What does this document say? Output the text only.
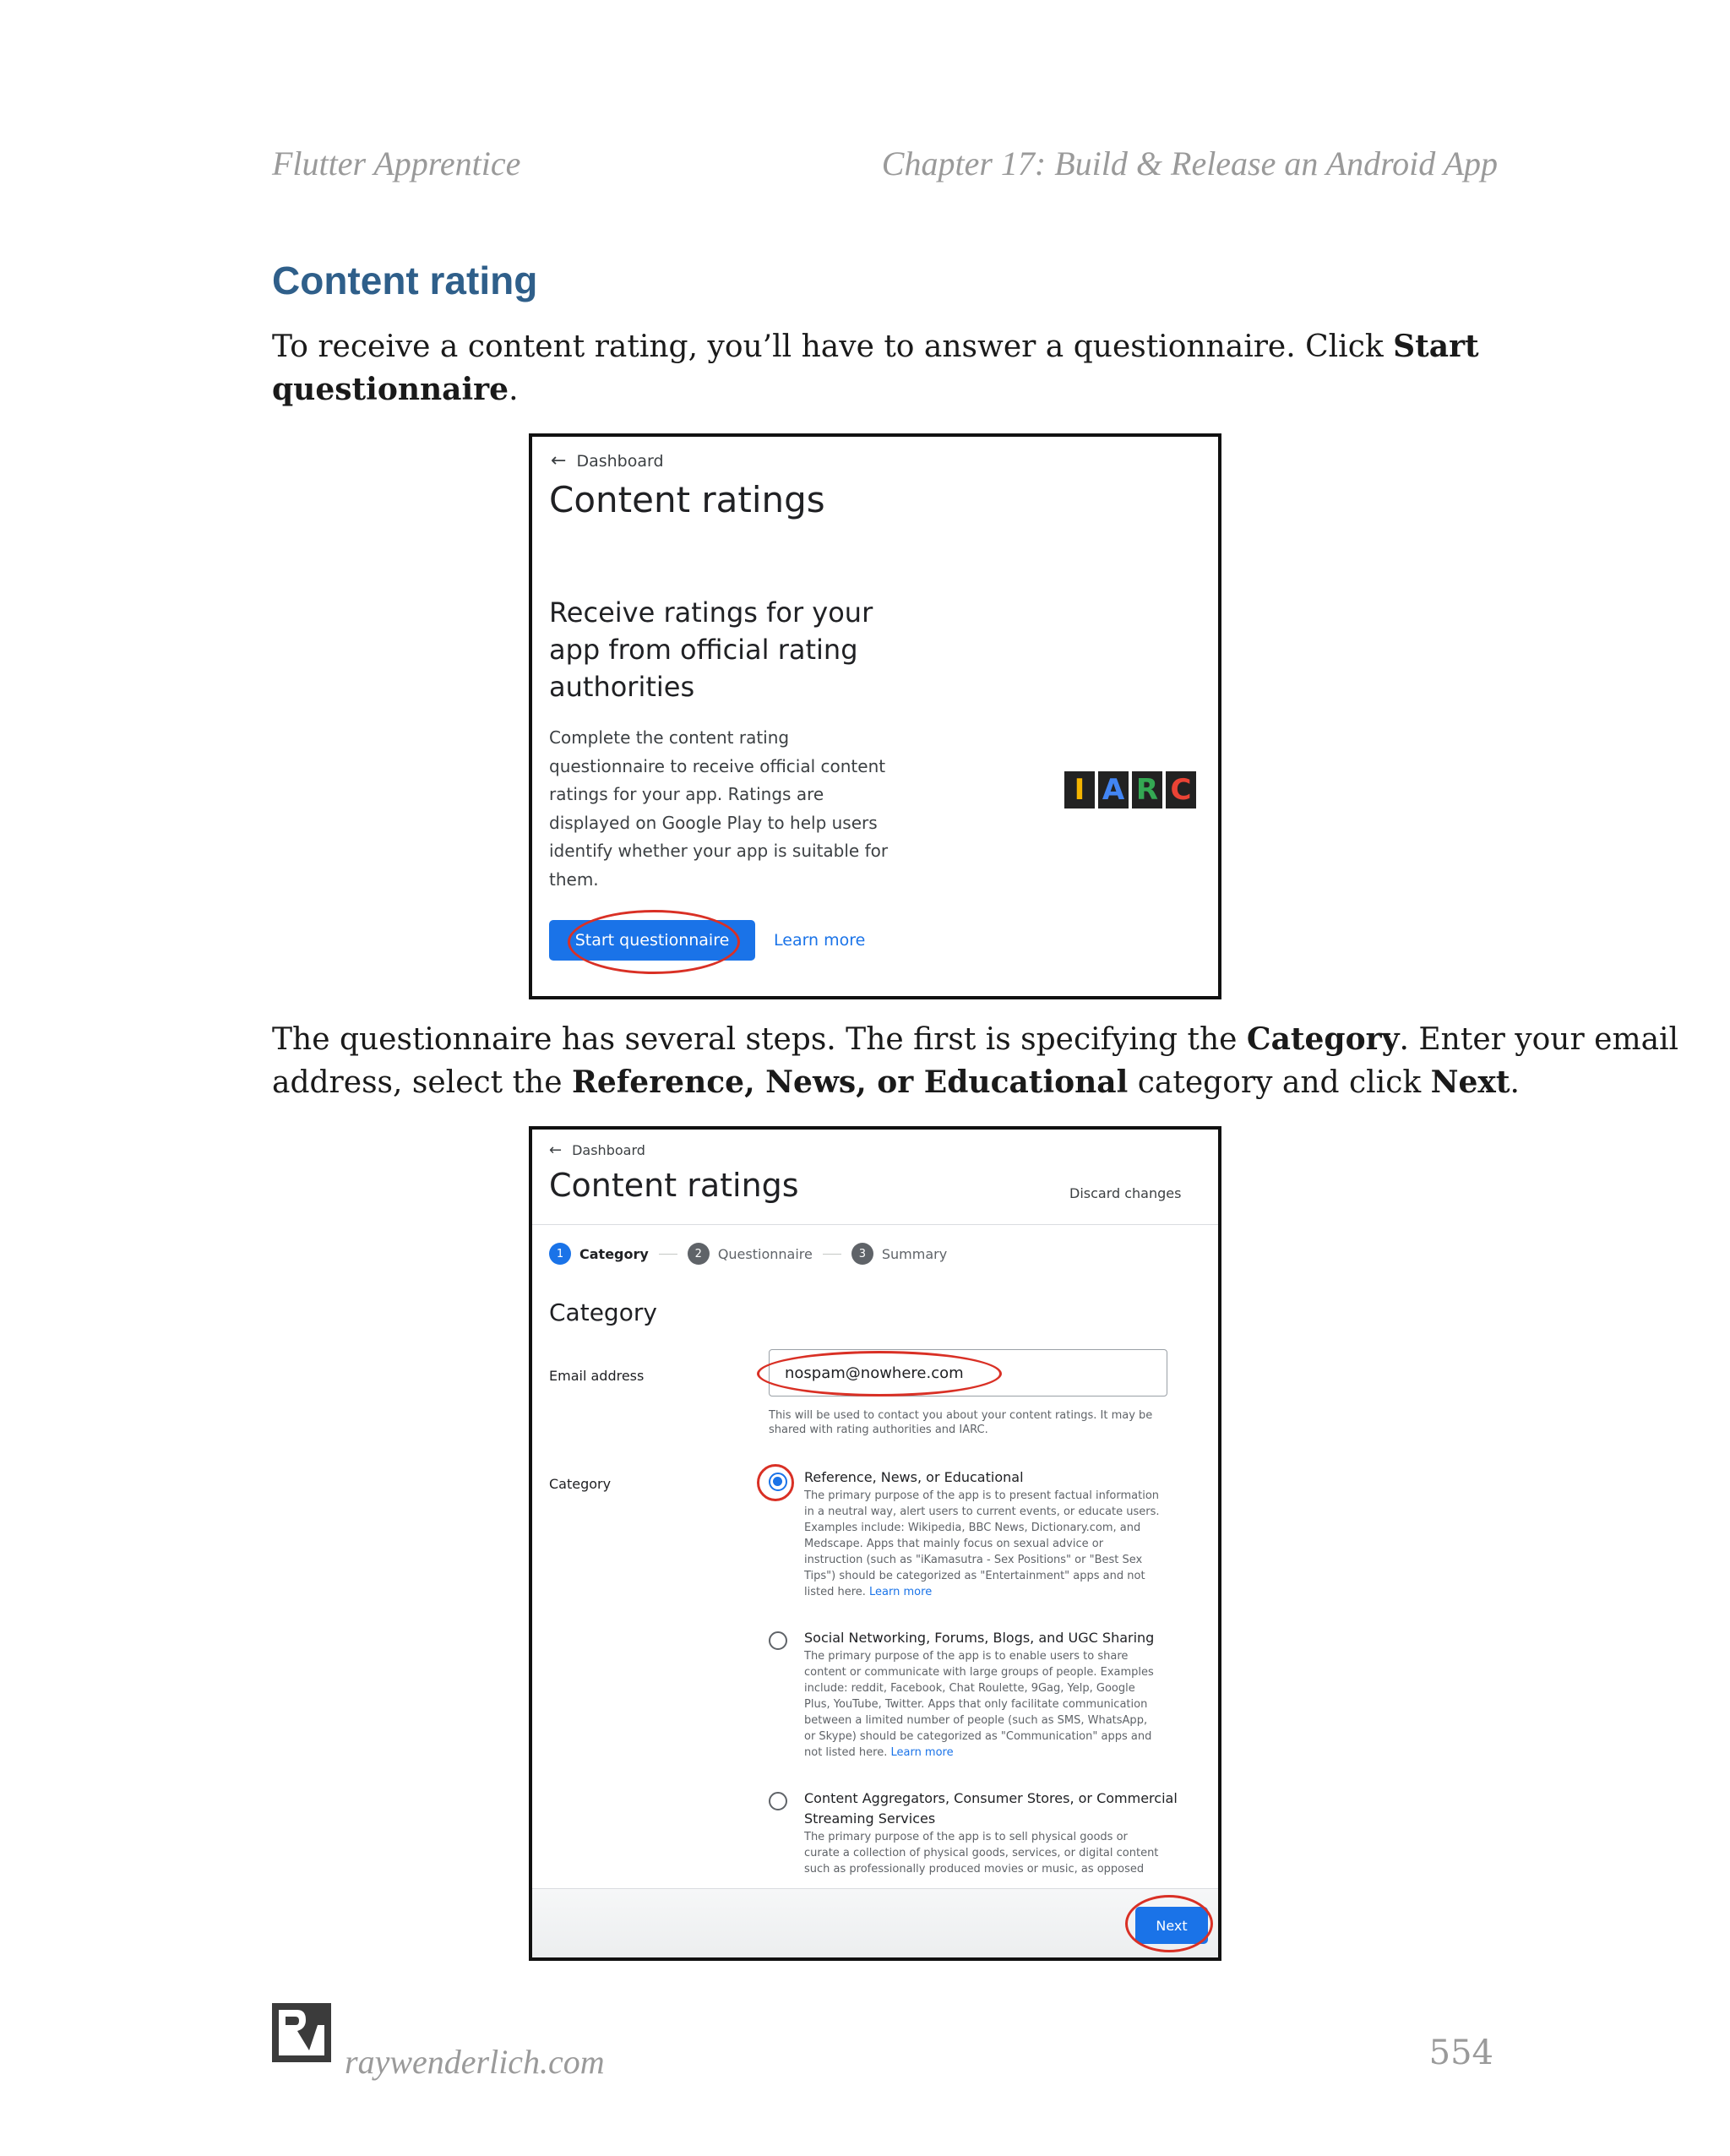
Flutter Apprentice	Chapter 17: Build & Release an Android App
Content rating
To receive a content rating, you’ll have to answer a questionnaire. Click Start questionnaire.
← Dashboard
Content ratings
Receive ratings for your
app from official rating
authorities
Complete the content rating
questionnaire to receive official content
ratings for your app. Ratings are
displayed on Google Play to help users
identify whether your app is suitable for
them.
I A R C
Start questionnaire	Learn more
The questionnaire has several steps. The first is specifying the Category. Enter your email address, select the Reference, News, or Educational category and click Next.
← Dashboard
Content ratings	Discard changes
1	Category	2	Questionnaire	3	Summary
Category
Email address	nospam@nowhere.com
This will be used to contact you about your content ratings. It may be
shared with rating authorities and IARC.
Category	Reference, News, or Educational
The primary purpose of the app is to present factual information
in a neutral way, alert users to current events, or educate users.
Examples include: Wikipedia, BBC News, Dictionary.com, and
Medscape. Apps that mainly focus on sexual advice or
instruction (such as "iKamasutra - Sex Positions" or "Best Sex
Tips") should be categorized as "Entertainment" apps and not
listed here. Learn more
Social Networking, Forums, Blogs, and UGC Sharing
The primary purpose of the app is to enable users to share
content or communicate with large groups of people. Examples
include: reddit, Facebook, Chat Roulette, 9Gag, Yelp, Google
Plus, YouTube, Twitter. Apps that only facilitate communication
between a limited number of people (such as SMS, WhatsApp,
or Skype) should be categorized as "Communication" apps and
not listed here. Learn more
Content Aggregators, Consumer Stores, or Commercial
Streaming Services
The primary purpose of the app is to sell physical goods or
curate a collection of physical goods, services, or digital content
such as professionally produced movies or music, as opposed
Next
raywenderlich.com	554
